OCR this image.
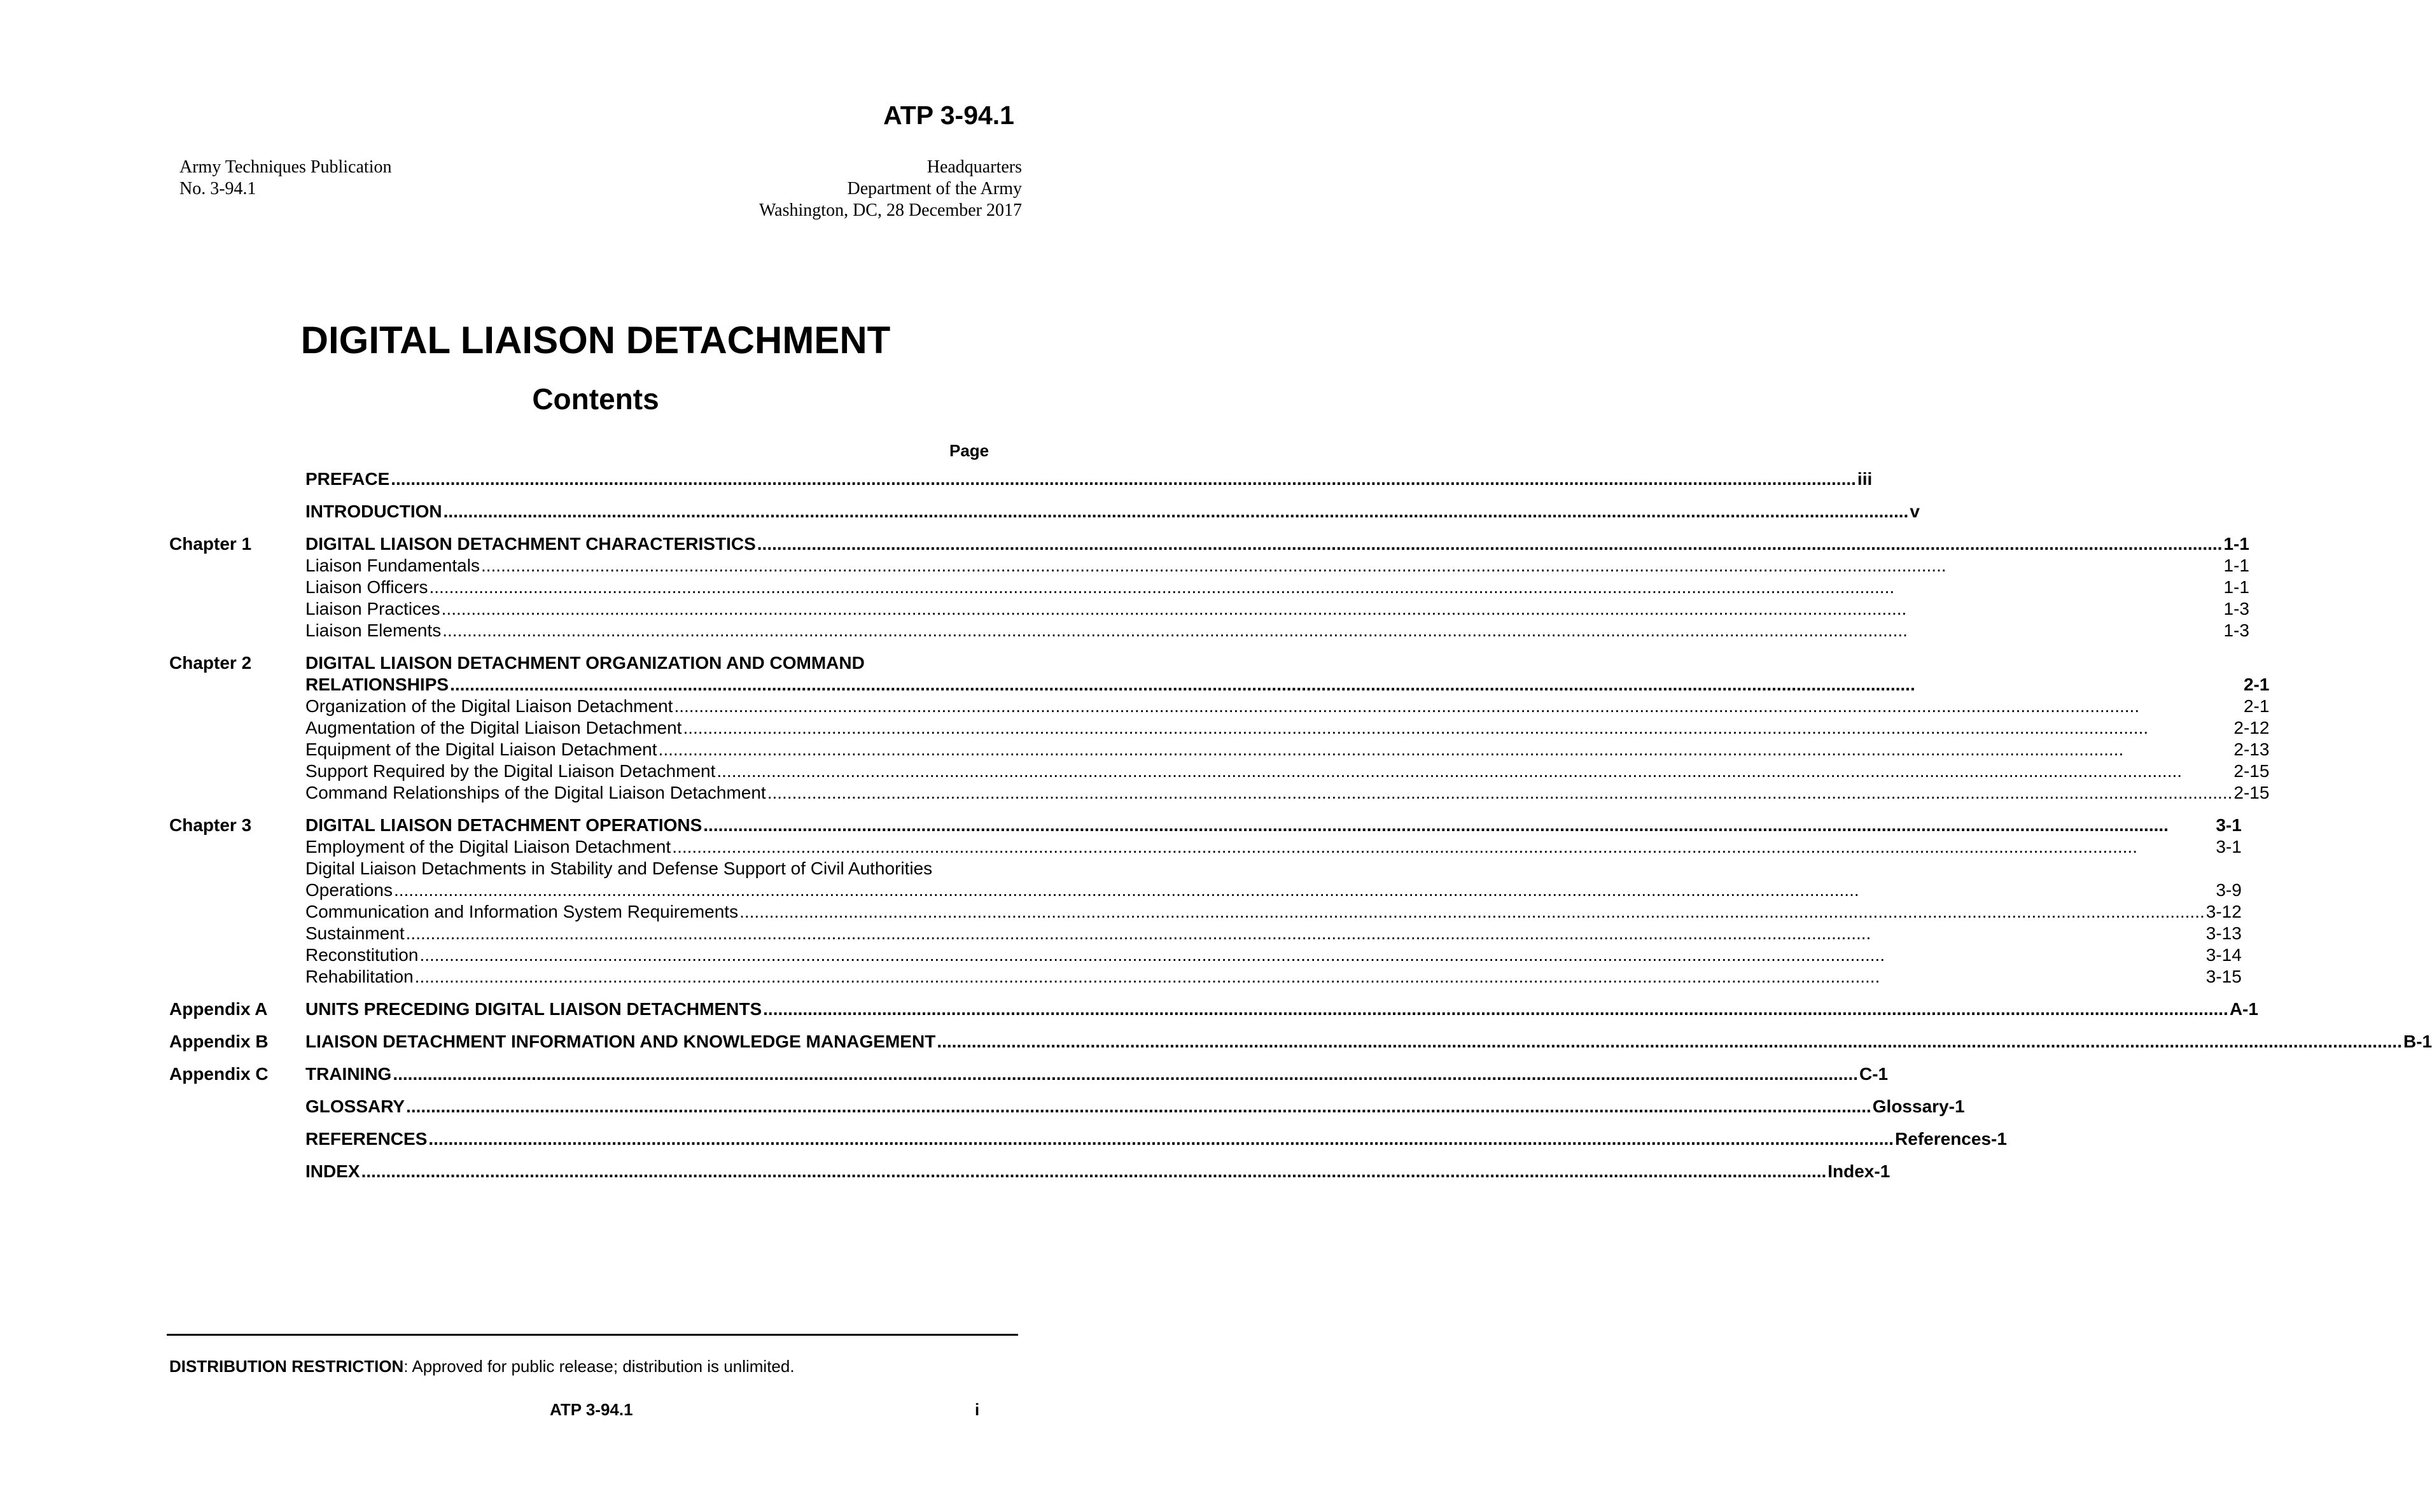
ATP 3-94.1
Army Techniques Publication
No. 3-94.1
Headquarters
Department of the Army
Washington, DC, 28 December 2017
DIGITAL LIAISON DETACHMENT
Contents
Page
PREFACE .....	iii
INTRODUCTION .....	v
Chapter 1	DIGITAL LIAISON DETACHMENT CHARACTERISTICS .....	1-1
Liaison Fundamentals .....	1-1
Liaison Officers .....	1-1
Liaison Practices .....	1-3
Liaison Elements .....	1-3
Chapter 2	DIGITAL LIAISON DETACHMENT ORGANIZATION AND COMMAND
RELATIONSHIPS .....	2-1
Organization of the Digital Liaison Detachment .....	2-1
Augmentation of the Digital Liaison Detachment .....	2-12
Equipment of the Digital Liaison Detachment .....	2-13
Support Required by the Digital Liaison Detachment .....	2-15
Command Relationships of the Digital Liaison Detachment .....	2-15
Chapter 3	DIGITAL LIAISON DETACHMENT OPERATIONS .....	3-1
Employment of the Digital Liaison Detachment .....	3-1
Digital Liaison Detachments in Stability and Defense Support of Civil Authorities
Operations .....	3-9
Communication and Information System Requirements .....	3-12
Sustainment .....	3-13
Reconstitution .....	3-14
Rehabilitation .....	3-15
Appendix A	UNITS PRECEDING DIGITAL LIAISON DETACHMENTS .....	A-1
Appendix B	LIAISON DETACHMENT INFORMATION AND KNOWLEDGE MANAGEMENT .....	B-1
Appendix C	TRAINING .....	C-1
GLOSSARY .....	Glossary-1
REFERENCES .....	References-1
INDEX .....	Index-1
DISTRIBUTION RESTRICTION: Approved for public release; distribution is unlimited.
ATP 3-94.1	i
